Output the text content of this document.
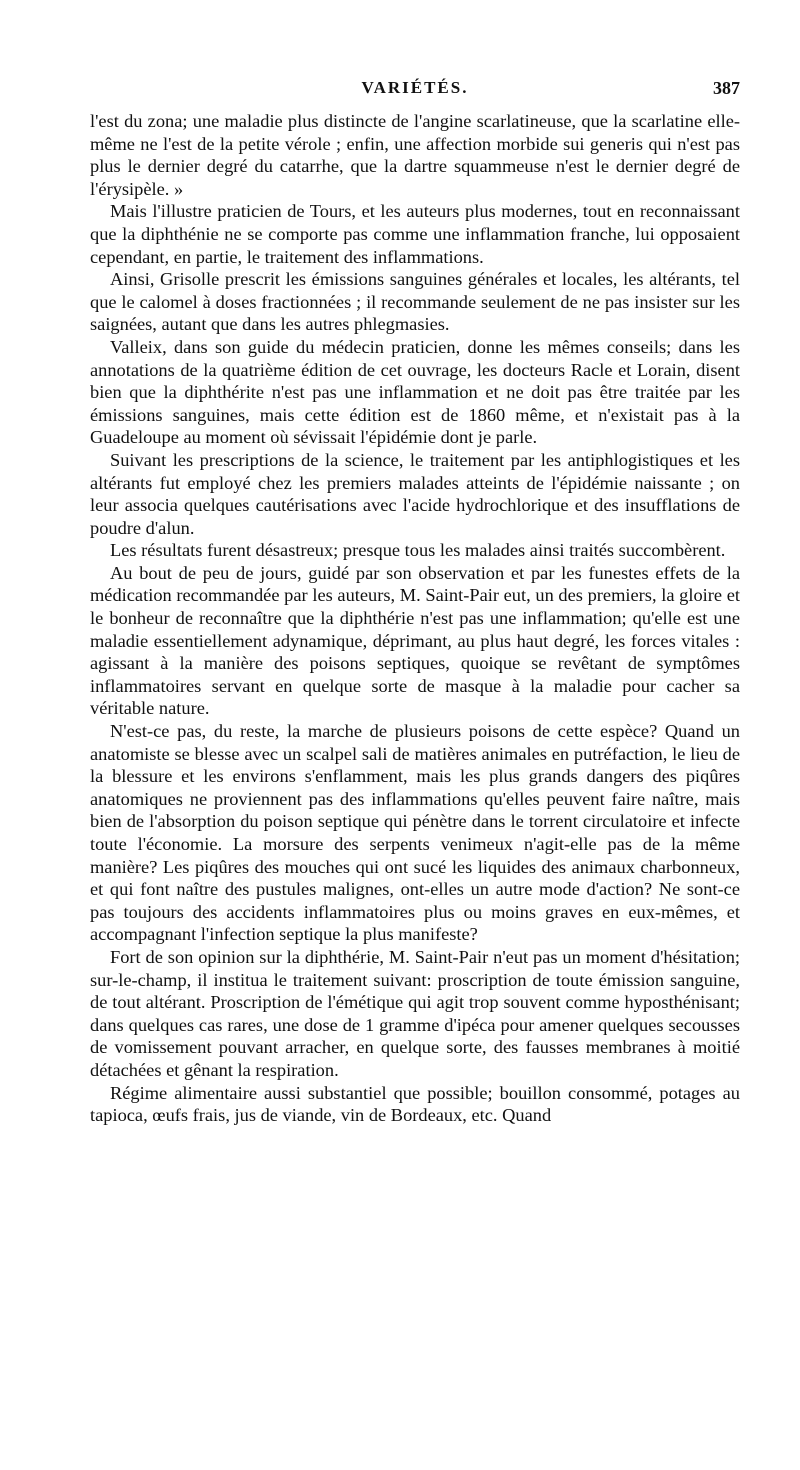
VARIÉTÉS.	387

l'est du zona; une maladie plus distincte de l'angine scarlatineuse, que la scarlatine elle-même ne l'est de la petite vérole ; enfin, une affection morbide sui generis qui n'est pas plus le dernier degré du catarrhe, que la dartre squammeuse n'est le dernier degré de l'érysipèle. »

Mais l'illustre praticien de Tours, et les auteurs plus modernes, tout en reconnaissant que la diphthénie ne se comporte pas comme une inflammation franche, lui opposaient cependant, en partie, le traitement des inflammations.

Ainsi, Grisolle prescrit les émissions sanguines générales et locales, les altérants, tel que le calomel à doses fractionnées ; il recommande seulement de ne pas insister sur les saignées, autant que dans les autres phlegmasies.

Valleix, dans son guide du médecin praticien, donne les mêmes conseils; dans les annotations de la quatrième édition de cet ouvrage, les docteurs Racle et Lorain, disent bien que la diphthérite n'est pas une inflammation et ne doit pas être traitée par les émissions sanguines, mais cette édition est de 1860 même, et n'existait pas à la Guadeloupe au moment où sévissait l'épidémie dont je parle.

Suivant les prescriptions de la science, le traitement par les antiphlogistiques et les altérants fut employé chez les premiers malades atteints de l'épidémie naissante ; on leur associa quelques cautérisations avec l'acide hydrochlorique et des insufflations de poudre d'alun.

Les résultats furent désastreux; presque tous les malades ainsi traités succombèrent.

Au bout de peu de jours, guidé par son observation et par les funestes effets de la médication recommandée par les auteurs, M. Saint-Pair eut, un des premiers, la gloire et le bonheur de reconnaître que la diphthérie n'est pas une inflammation; qu'elle est une maladie essentiellement adynamique, déprimant, au plus haut degré, les forces vitales : agissant à la manière des poisons septiques, quoique se revêtant de symptômes inflammatoires servant en quelque sorte de masque à la maladie pour cacher sa véritable nature.

N'est-ce pas, du reste, la marche de plusieurs poisons de cette espèce? Quand un anatomiste se blesse avec un scalpel sali de matières animales en putréfaction, le lieu de la blessure et les environs s'enflamment, mais les plus grands dangers des piqûres anatomiques ne proviennent pas des inflammations qu'elles peuvent faire naître, mais bien de l'absorption du poison septique qui pénètre dans le torrent circulatoire et infecte toute l'économie. La morsure des serpents venimeux n'agit-elle pas de la même manière? Les piqûres des mouches qui ont sucé les liquides des animaux charbonneux, et qui font naître des pustules malignes, ont-elles un autre mode d'action? Ne sont-ce pas toujours des accidents inflammatoires plus ou moins graves en eux-mêmes, et accompagnant l'infection septique la plus manifeste?

Fort de son opinion sur la diphthérie, M. Saint-Pair n'eut pas un moment d'hésitation; sur-le-champ, il institua le traitement suivant: proscription de toute émission sanguine, de tout altérant. Proscription de l'émétique qui agit trop souvent comme hyposthénisant; dans quelques cas rares, une dose de 1 gramme d'ipéca pour amener quelques secousses de vomissement pouvant arracher, en quelque sorte, des fausses membranes à moitié détachées et gênant la respiration.

Régime alimentaire aussi substantiel que possible; bouillon consommé, potages au tapioca, œufs frais, jus de viande, vin de Bordeaux, etc. Quand
